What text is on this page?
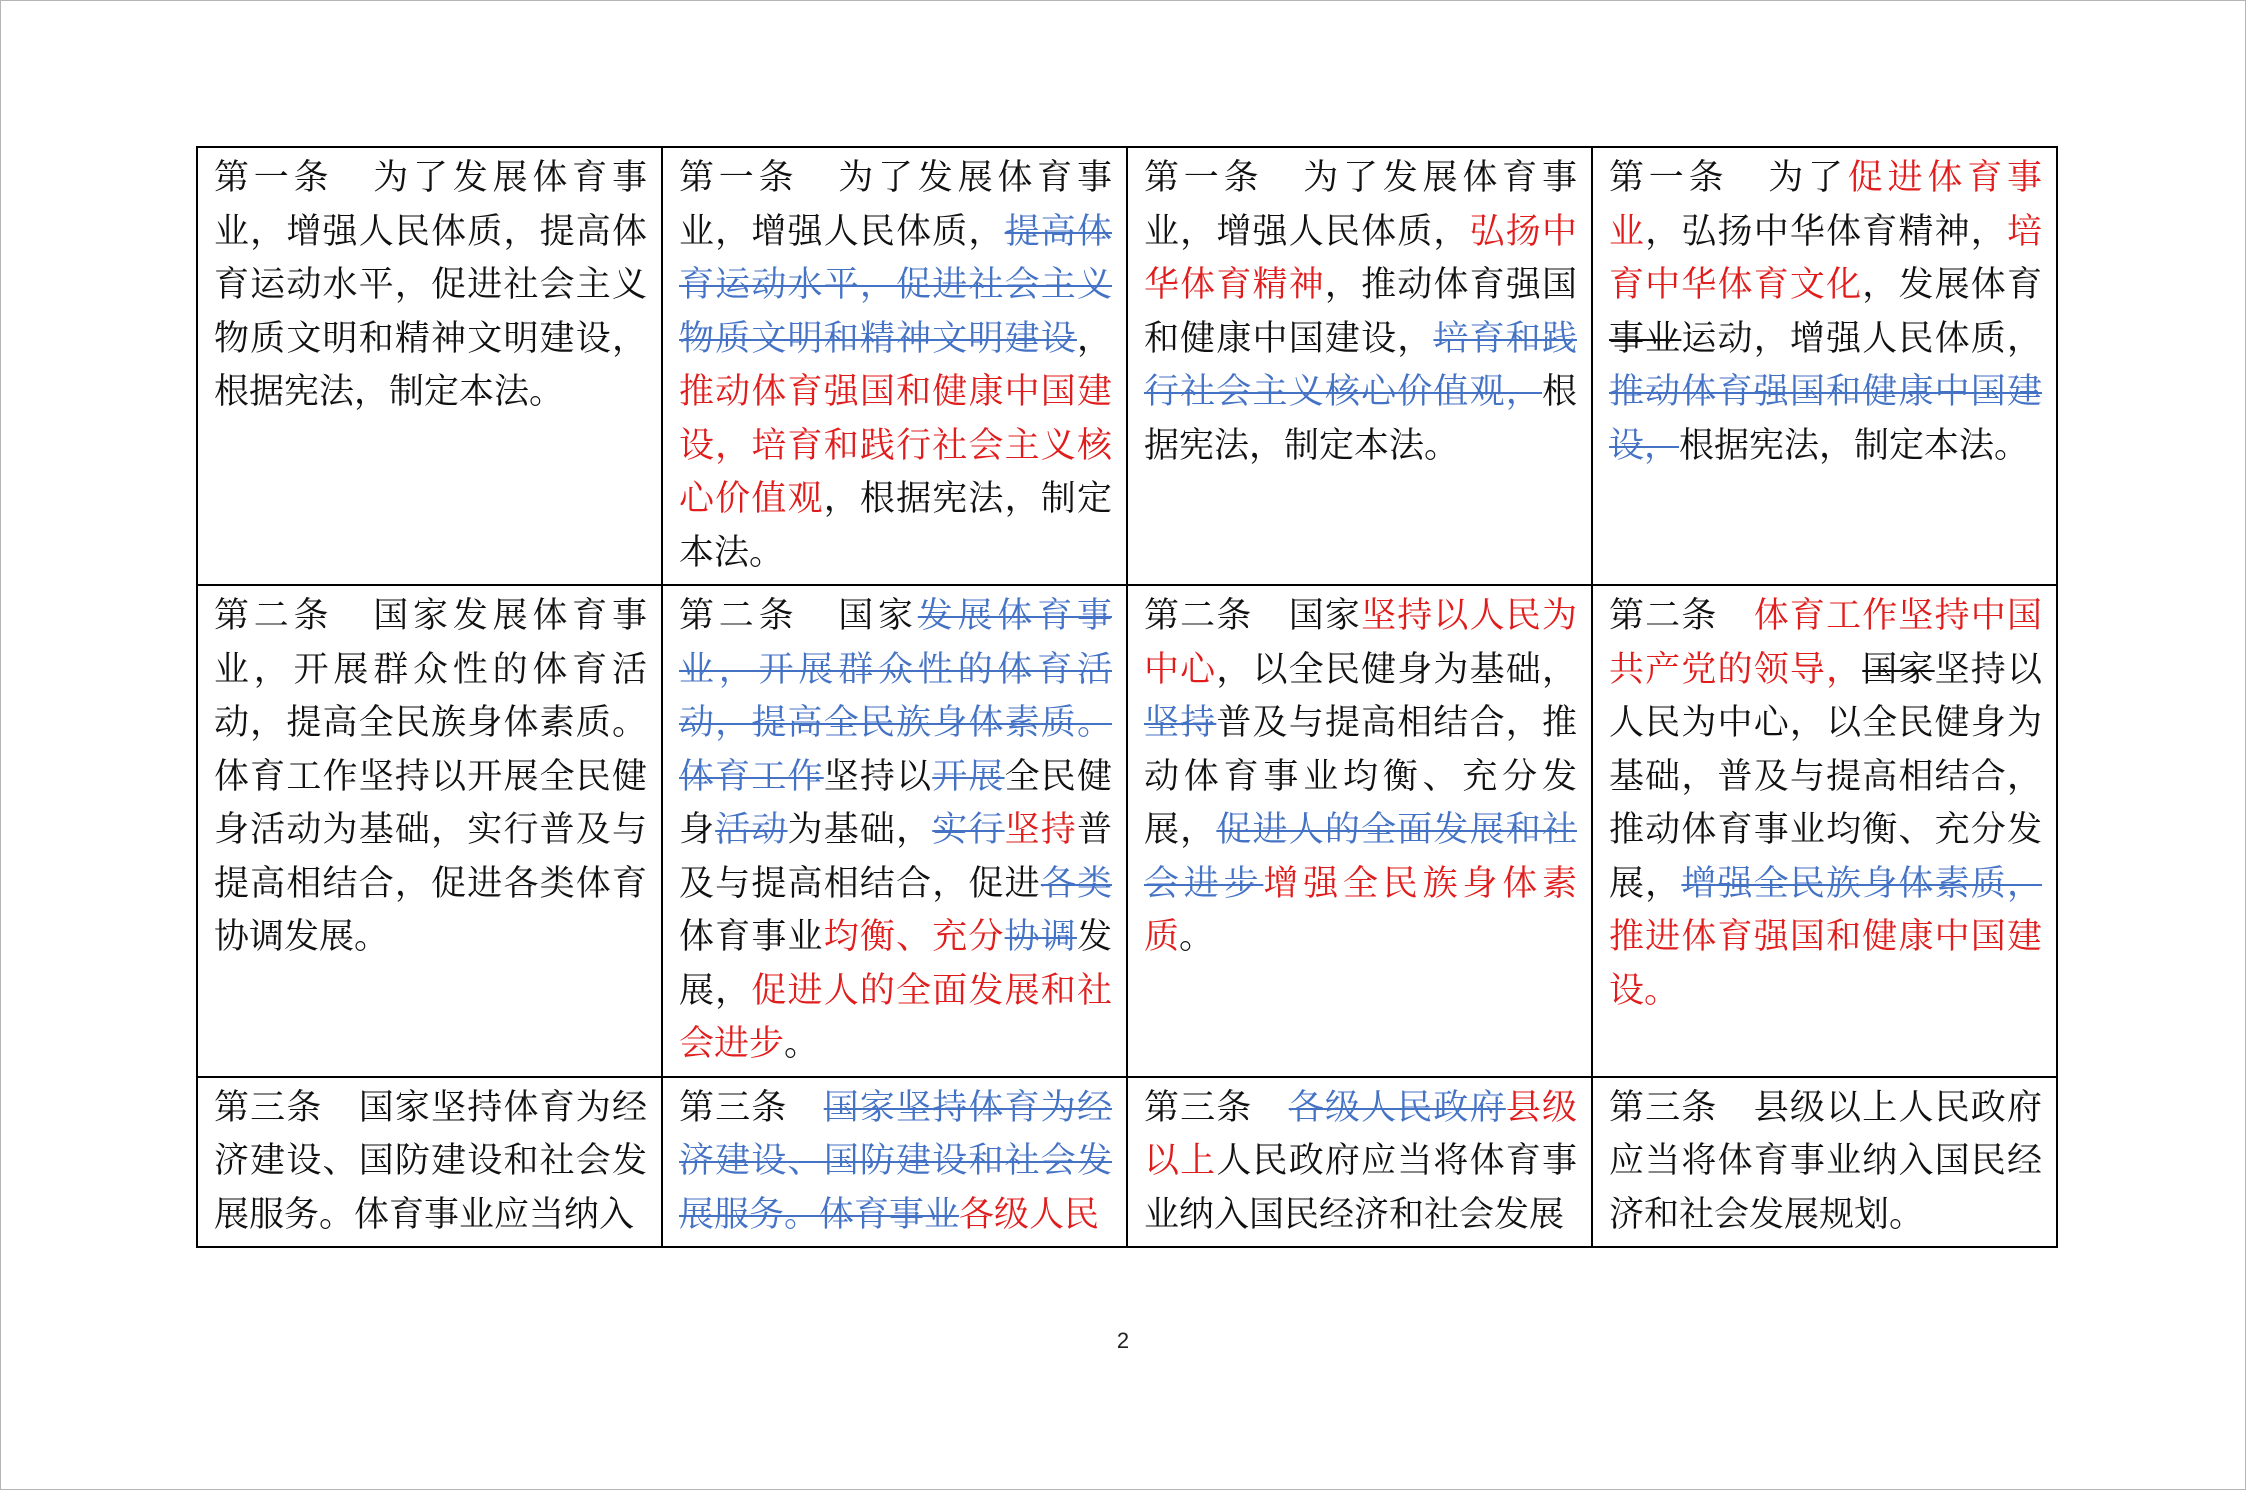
第一条　为了发展体育事业，增强人民体质，提高体育运动水平，促进社会主义物质文明和精神文明建设，根据宪法，制定本法。	第一条　为了发展体育事业，增强人民体质，提高体育运动水平，促进社会主义物质文明和精神文明建设，推动体育强国和健康中国建设，培育和践行社会主义核心价值观，根据宪法，制定本法。	第一条　为了发展体育事业，增强人民体质，弘扬中华体育精神，推动体育强国和健康中国建设，培育和践行社会主义核心价值观，根据宪法，制定本法。	第一条　为了促进体育事业，弘扬中华体育精神，培育中华体育文化，发展体育事业运动，增强人民体质，推动体育强国和健康中国建设，根据宪法，制定本法。

第二条　国家发展体育事业，开展群众性的体育活动，提高全民族身体素质。体育工作坚持以开展全民健身活动为基础，实行普及与提高相结合，促进各类体育协调发展。	第二条　国家发展体育事业，开展群众性的体育活动，提高全民族身体素质。体育工作坚持以开展全民健身活动为基础，实行坚持普及与提高相结合，促进各类体育事业均衡、充分协调发展，促进人的全面发展和社会进步。	第二条　国家坚持以人民为中心，以全民健身为基础，坚持普及与提高相结合，推动体育事业均衡、充分发展，促进人的全面发展和社会进步增强全民族身体素质。	第二条　体育工作坚持中国共产党的领导，国家坚持以人民为中心，以全民健身为基础，普及与提高相结合，推动体育事业均衡、充分发展，增强全民族身体素质，推进体育强国和健康中国建设。

第三条　国家坚持体育为经济建设、国防建设和社会发展服务。体育事业应当纳入	第三条　国家坚持体育为经济建设、国防建设和社会发展服务。体育事业各级人民	第三条　各级人民政府县级以上人民政府应当将体育事业纳入国民经济和社会发展	第三条　县级以上人民政府应当将体育事业纳入国民经济和社会发展规划。
2
